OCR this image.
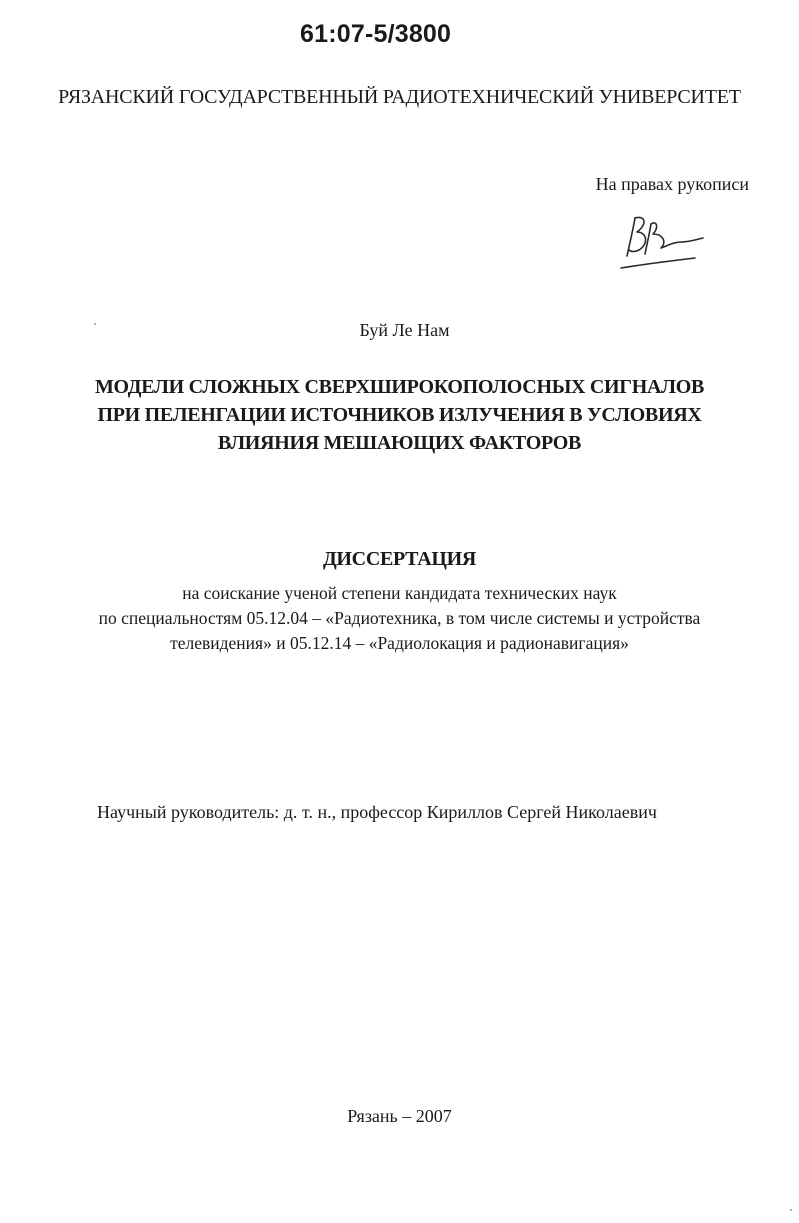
61:07-5/3800
РЯЗАНСКИЙ ГОСУДАРСТВЕННЫЙ РАДИОТЕХНИЧЕСКИЙ УНИВЕРСИТЕТ
На правах рукописи
Буй Ле Нам
МОДЕЛИ СЛОЖНЫХ СВЕРХШИРОКОПОЛОСНЫХ СИГНАЛОВ
ПРИ ПЕЛЕНГАЦИИ ИСТОЧНИКОВ ИЗЛУЧЕНИЯ В УСЛОВИЯХ
ВЛИЯНИЯ МЕШАЮЩИХ ФАКТОРОВ
ДИССЕРТАЦИЯ
на соискание ученой степени кандидата технических наук
по специальностям 05.12.04 – «Радиотехника, в том числе системы и устройства
телевидения» и 05.12.14 – «Радиолокация и радионавигация»
Научный руководитель: д. т. н., профессор Кириллов Сергей Николаевич
Рязань – 2007
